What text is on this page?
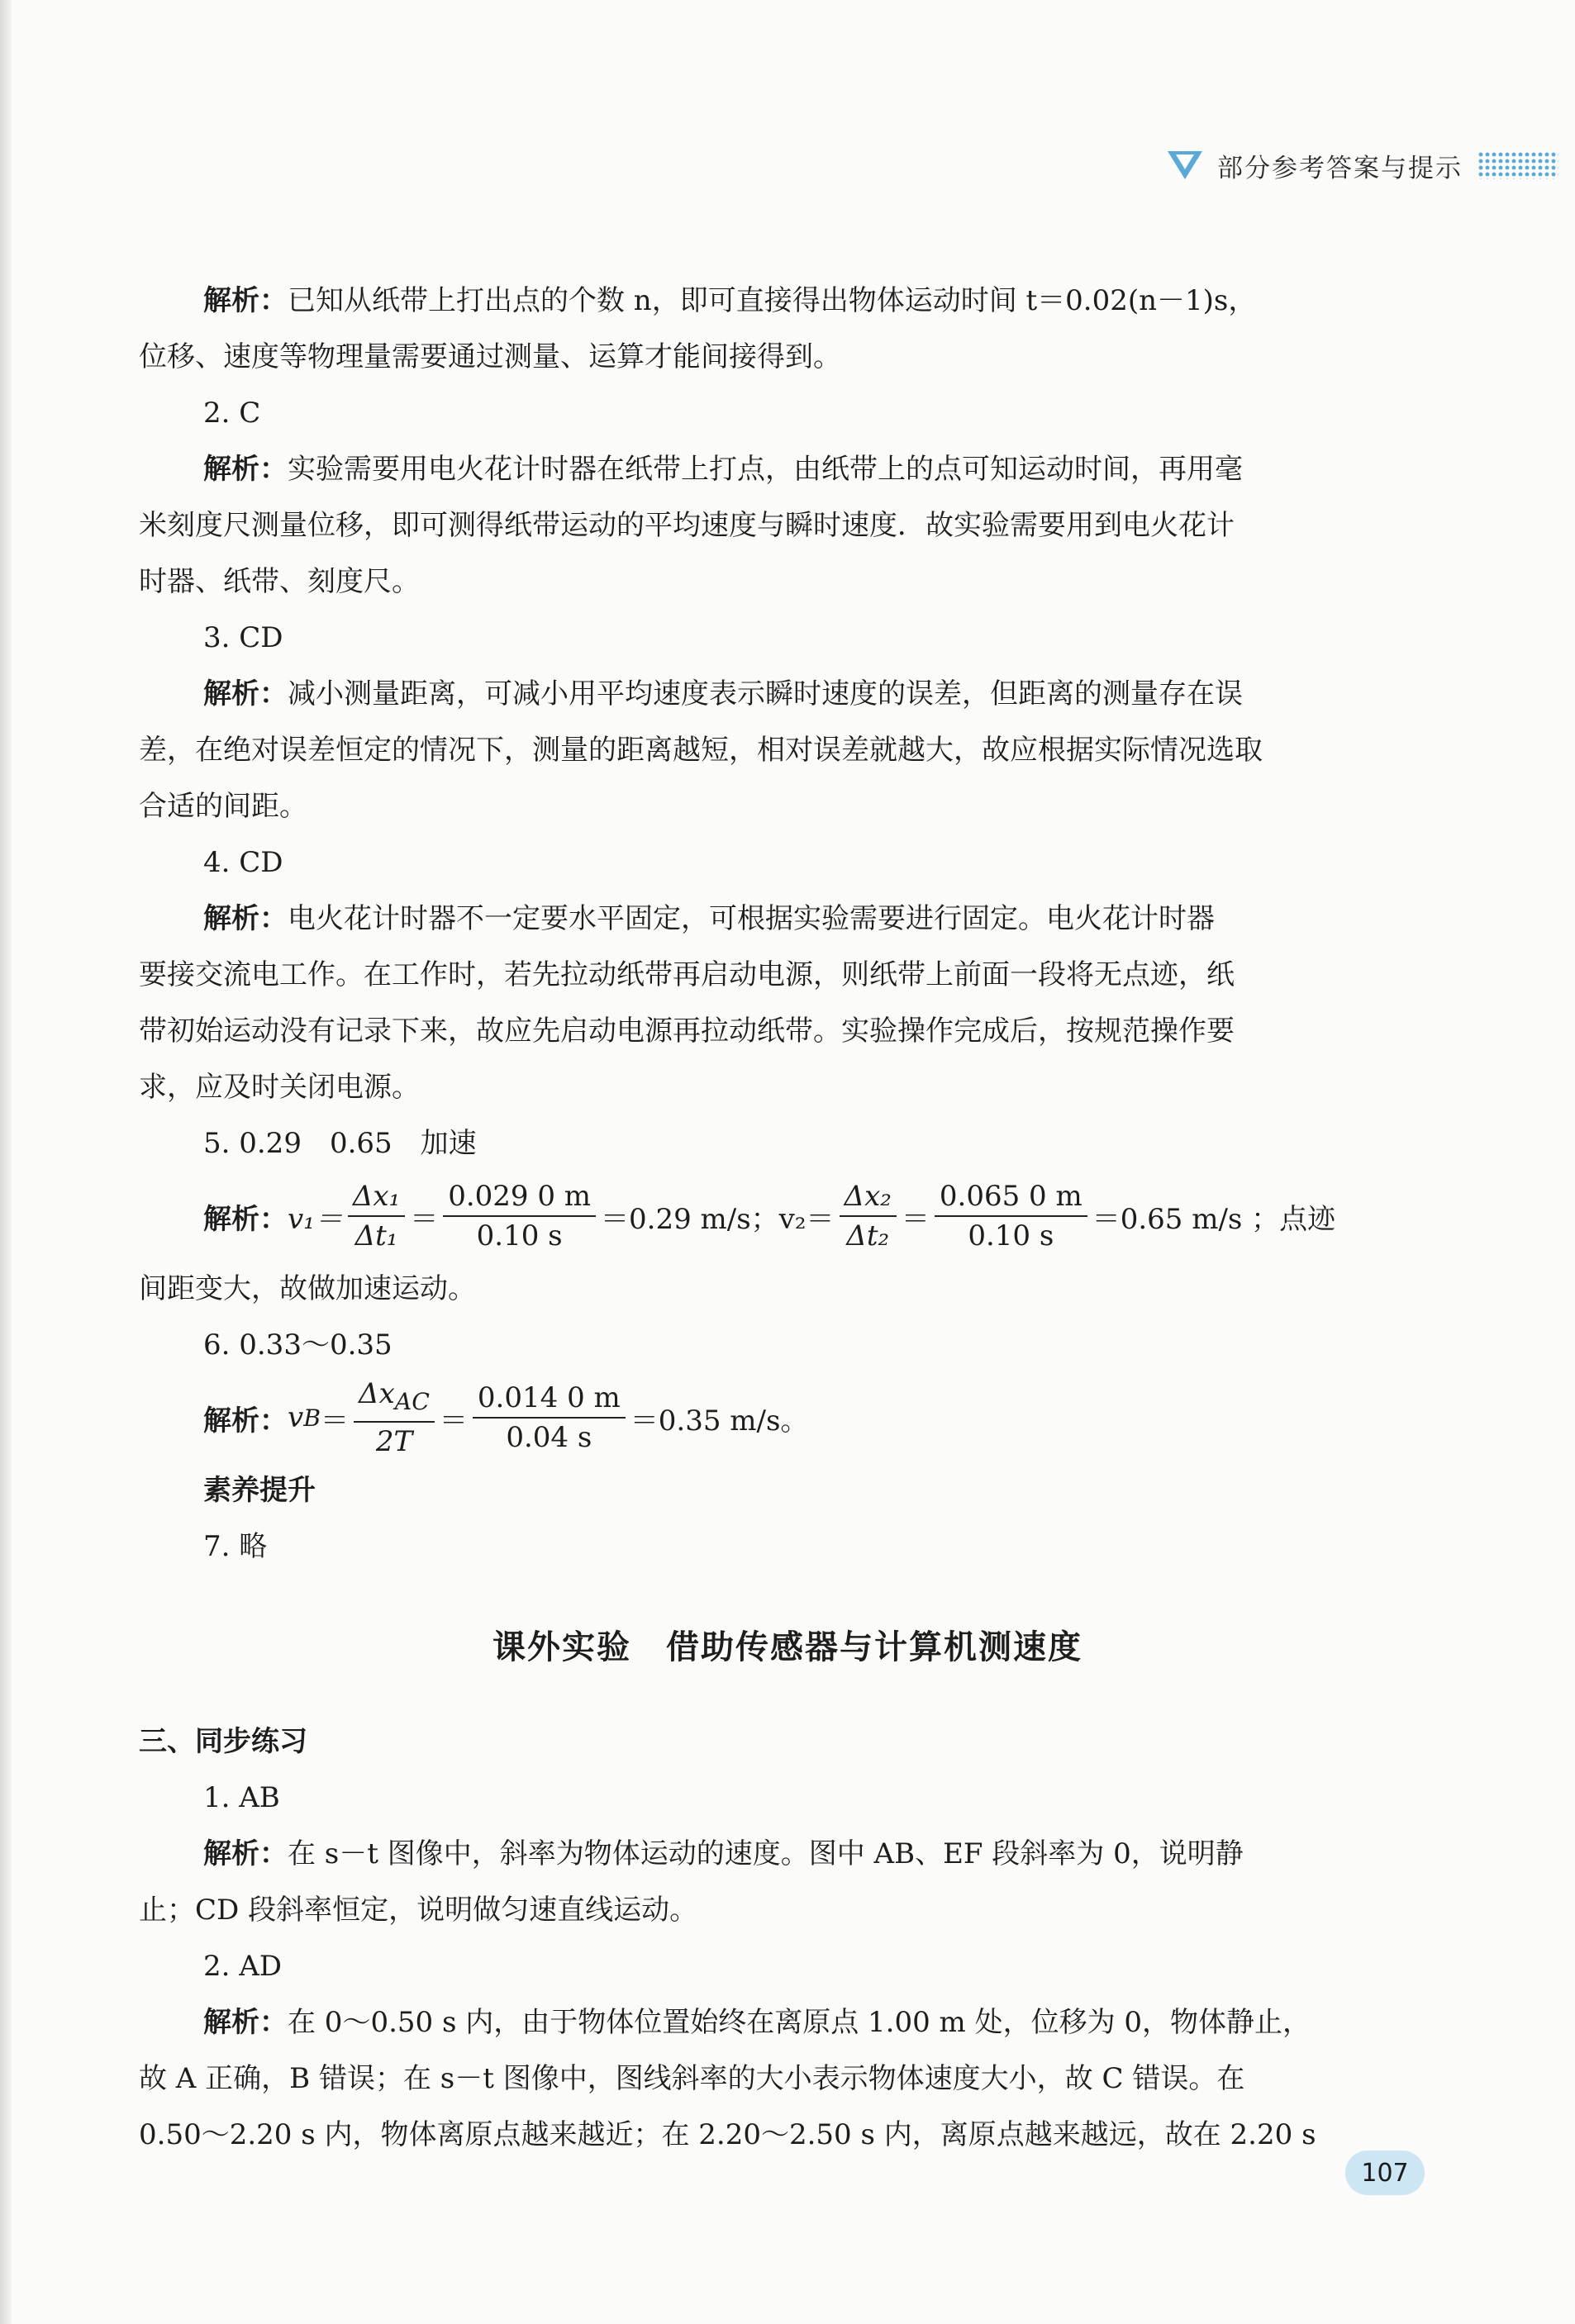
部分参考答案与提示

解析：已知从纸带上打出点的个数 n，即可直接得出物体运动时间 t＝0.02(n－1)s，

位移、速度等物理量需要通过测量、运算才能间接得到。

2. C

解析：实验需要用电火花计时器在纸带上打点，由纸带上的点可知运动时间，再用毫

米刻度尺测量位移，即可测得纸带运动的平均速度与瞬时速度．故实验需要用到电火花计

时器、纸带、刻度尺。

3. CD

解析：减小测量距离，可减小用平均速度表示瞬时速度的误差，但距离的测量存在误

差，在绝对误差恒定的情况下，测量的距离越短，相对误差就越大，故应根据实际情况选取

合适的间距。

4. CD

解析：电火花计时器不一定要水平固定，可根据实验需要进行固定。电火花计时器

要接交流电工作。在工作时，若先拉动纸带再启动电源，则纸带上前面一段将无点迹，纸

带初始运动没有记录下来，故应先启动电源再拉动纸带。实验操作完成后，按规范操作要

求，应及时关闭电源。

5. 0.29　0.65　加速

解析： $v_1= \frac{\text{Δx₁}}{\text{Δt₁}} = \frac{0.029 0 m}{0.10 s} =0.29$ m/s；$v_2= \frac{\text{Δx₂}}{\text{Δt₂}} = \frac{0.065 0 m}{0.10 s} =0.65$ m/s ；点迹

间距变大，故做加速运动。

6. 0.33～0.35

解析： v $B = \frac{\Delta x_{AC}}{2T} = \frac{0.014 0 m}{0.04 s} =0.35$ m/s。

素养提升

7. 略

课外实验　借助传感器与计算机测速度

三、同步练习

1. AB

解析：在 s－t 图像中，斜率为物体运动的速度。图中 AB、EF 段斜率为 0，说明静

止；CD 段斜率恒定，说明做匀速直线运动。

2. AD

解析：在 0～0.50 s 内，由于物体位置始终在离原点 1.00 m 处，位移为 0，物体静止，

故 A 正确，B 错误；在 s－t 图像中，图线斜率的大小表示物体速度大小，故 C 错误。在

0.50～2.20 s 内，物体离原点越来越近；在 2.20～2.50 s 内，离原点越来越远，故在 2.20 s

107
